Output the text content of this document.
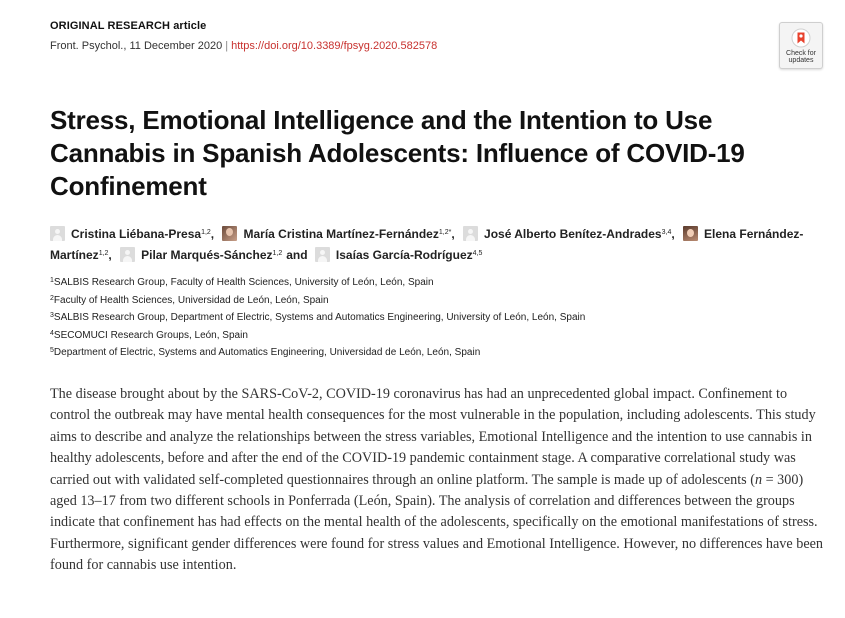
ORIGINAL RESEARCH article
Front. Psychol., 11 December 2020 | https://doi.org/10.3389/fpsyg.2020.582578
Check for
updates
Stress, Emotional Intelligence and the Intention to Use Cannabis in Spanish Adolescents: Influence of COVID-19 Confinement
Cristina Liébana-Presa$^{1,2}$, María Cristina Martínez-Fernández$^{1,2*}$, José Alberto Benítez-Andrades$^{3,4}$, Elena Fernández-Martínez$^{1,2}$, Pilar Marqués-Sánchez$^{1,2}$ and Isaías García-Rodríguez$^{4,5}$
$^1$SALBIS Research Group, Faculty of Health Sciences, University of León, León, Spain
$^2$Faculty of Health Sciences, Universidad de León, León, Spain
$^3$SALBIS Research Group, Department of Electric, Systems and Automatics Engineering, University of León, León, Spain
$^4$SECOMUCI Research Groups, León, Spain
$^5$Department of Electric, Systems and Automatics Engineering, Universidad de León, León, Spain

The disease brought about by the SARS-CoV-2, COVID-19 coronavirus has had an unprecedented global impact. Confinement to control the outbreak may have mental health consequences for the most vulnerable in the population, including adolescents. This study aims to describe and analyze the relationships between the stress variables, Emotional Intelligence and the intention to use cannabis in healthy adolescents, before and after the end of the COVID-19 pandemic containment stage. A comparative correlational study was carried out with validated self-completed questionnaires through an online platform. The sample is made up of adolescents (n = 300) aged 13–17 from two different schools in Ponferrada (León, Spain). The analysis of correlation and differences between the groups indicate that confinement has had effects on the mental health of the adolescents, specifically on the emotional manifestations of stress. Furthermore, significant gender differences were found for stress values and Emotional Intelligence. However, no differences have been found for cannabis use intention.
